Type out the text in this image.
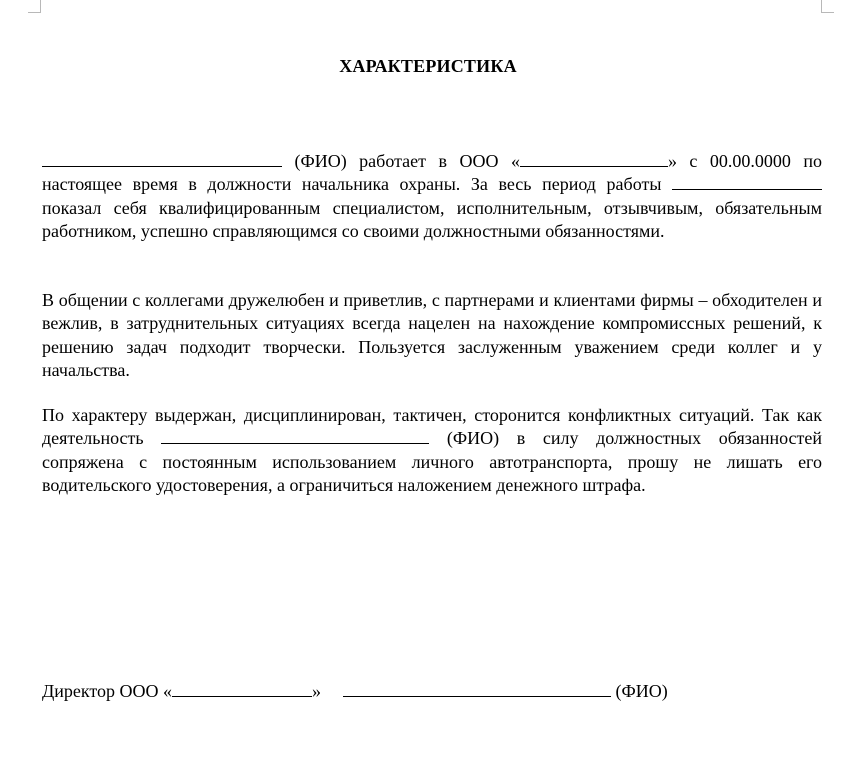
ХАРАКТЕРИСТИКА
(ФИО) работает в ООО «	» с 00.00.0000 по настоящее время в должности начальника охраны. За весь период работы  показал себя квалифицированным специалистом, исполнительным, отзывчивым, обязательным работником, успешно справляющимся со своими должностными обязанностями.
В общении с коллегами дружелюбен и приветлив, с партнерами и клиентами фирмы – обходителен и вежлив, в затруднительных ситуациях всегда нацелен на нахождение компромиссных решений, к решению задач подходит творчески. Пользуется заслуженным уважением среди коллег и у начальства.
По характеру выдержан, дисциплинирован, тактичен, сторонится конфликтных ситуаций. Так как деятельность	(ФИО) в силу должностных обязанностей сопряжена с постоянным использованием личного автотранспорта, прошу не лишать его водительского удостоверения, а ограничиться наложением денежного штрафа.
Директор ООО «	»	(ФИО)
